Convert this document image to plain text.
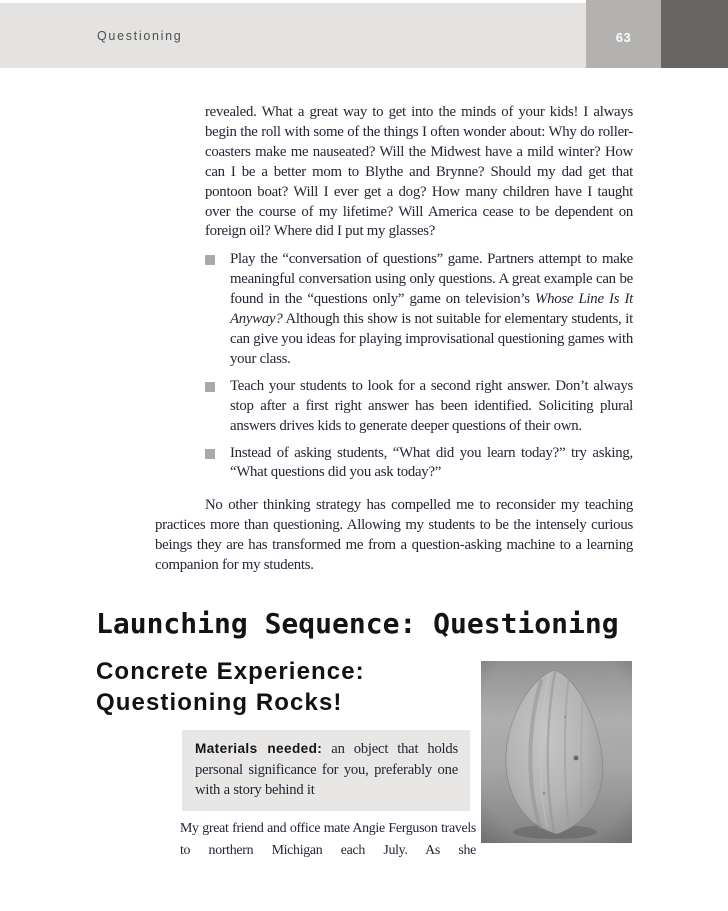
Questioning	63

revealed. What a great way to get into the minds of your kids! I always begin the roll with some of the things I often wonder about: Why do roller-coasters make me nauseated? Will the Midwest have a mild winter? How can I be a better mom to Blythe and Brynne? Should my dad get that pontoon boat? Will I ever get a dog? How many children have I taught over the course of my lifetime? Will America cease to be dependent on foreign oil? Where did I put my glasses?

Play the “conversation of questions” game. Partners attempt to make meaningful conversation using only questions. A great example can be found in the “questions only” game on television’s Whose Line Is It Anyway? Although this show is not suitable for elementary students, it can give you ideas for playing improvisational questioning games with your class.
Teach your students to look for a second right answer. Don’t always stop after a first right answer has been identified. Soliciting plural answers drives kids to generate deeper questions of their own.
Instead of asking students, “What did you learn today?” try asking, “What questions did you ask today?”

No other thinking strategy has compelled me to reconsider my teaching practices more than questioning. Allowing my students to be the intensely curious beings they are has transformed me from a question-asking machine to a learning companion for my students.

Launching Sequence: Questioning
Concrete Experience:
Questioning Rocks!
Materials needed: an object that holds personal significance for you, preferably one with a story behind it

My great friend and office mate Angie Ferguson travels to northern Michigan each July. As she
